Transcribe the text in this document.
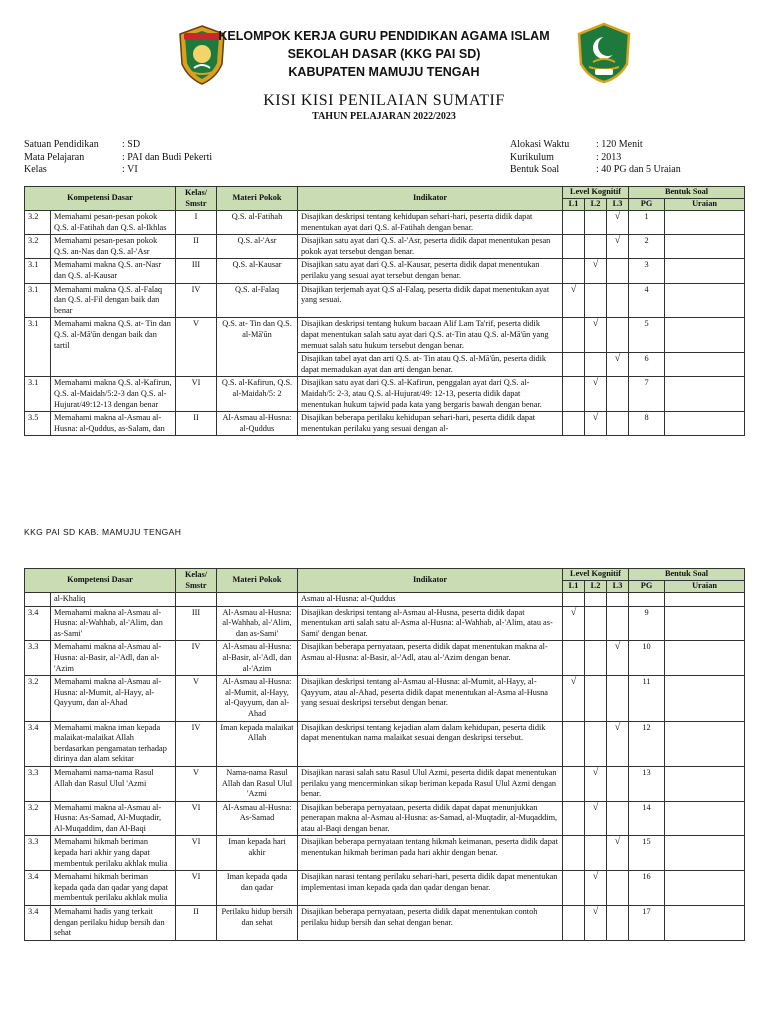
KELOMPOK KERJA GURU PENDIDIKAN AGAMA ISLAM
SEKOLAH DASAR (KKG PAI SD)
KABUPATEN MAMUJU TENGAH
KISI KISI PENILAIAN SUMATIF
TAHUN PELAJARAN 2022/2023
Satuan Pendidikan	: SD
Mata Pelajaran	: PAI dan Budi Pekerti
Kelas	: VI
Alokasi Waktu	: 120 Menit
Kurikulum	: 2013
Bentuk Soal	: 40 PG dan 5 Uraian
Kompetensi Dasar		Kelas/ Smstr	Materi Pokok	Indikator	Level Kognitif			Bentuk Soal	
					L1	L2	L3	PG	Uraian
3.2	Memahami pesan-pesan pokok Q.S. al-Fatihah dan Q.S. al-Ikhlas	I	Q.S. al-Fatihah	Disajikan deskripsi tentang kehidupan sehari-hari, peserta didik dapat menentukan ayat dari Q.S. al-Fatihah dengan benar.			√	1	
3.2	Memahami pesan-pesan pokok Q.S. an-Nas dan Q.S. al-'Asr	II	Q.S. al-'Asr	Disajikan satu ayat dari Q.S. al-'Asr, peserta didik dapat menentukan pesan pokok ayat tersebut dengan benar.			√	2	
3.1	Memahami makna Q.S. an-Nasr dan Q.S. al-Kausar	III	Q.S. al-Kausar	Disajikan satu ayat dari Q.S. al-Kausar, peserta didik dapat menentukan perilaku yang sesuai ayat tersebut dengan benar.		√		3	
3.1	Memahami makna Q.S. al-Falaq dan Q.S. al-Fil dengan baik dan benar	IV	Q.S. al-Falaq	Disajikan terjemah ayat Q.S al-Falaq, peserta didik dapat menentukan ayat yang sesuai.	√			4	
3.1	Memahami makna Q.S. at- Tin dan Q.S. al-Mā'ūn dengan baik dan tartil	V	Q.S. at- Tin dan Q.S. al-Mā'ūn	Disajikan deskripsi tentang hukum bacaan Alif Lam Ta'rif, peserta didik dapat menentukan salah satu ayat dari Q.S. at-Tin atau Q.S. al-Mā'ūn yang memuat salah satu hukum tersebut dengan benar.		√		5	
				Disajikan tabel ayat dan arti Q.S. at- Tin atau Q.S. al-Mā'ūn, peserta didik dapat memadukan ayat dan arti dengan benar.			√	6	
3.1	Memahami makna Q.S. al-Kafirun, Q.S. al-Maidah/5:2-3 dan Q.S. al-Hujurat/49:12-13 dengan benar	VI	Q.S. al-Kafirun, Q.S. al-Maidah/5: 2	Disajikan satu ayat dari Q.S. al-Kafirun, penggalan ayat dari Q.S. al-Maidah/5: 2-3, atau Q.S. al-Hujurat/49: 12-13, peserta didik dapat menentukan hukum tajwid pada kata yang bergaris bawah dengan benar.		√		7	
3.5	Memahami makna al-Asmau al-Husna: al-Quddus, as-Salam, dan	II	Al-Asmau al-Husna: al-Quddus	Disajikan beberapa perilaku kehidupan sehari-hari, peserta didik dapat menentukan perilaku yang sesuai dengan al-		√		8	
KKG PAI SD KAB. MAMUJU TENGAH
Kompetensi Dasar		Kelas/ Smstr	Materi Pokok	Indikator	Level Kognitif			Bentuk Soal	
					L1	L2	L3	PG	Uraian
	al-Khaliq			Asmau al-Husna: al-Quddus					
3.4	Memahami makna al-Asmau al-Husna: al-Wahhab, al-'Alim, dan as-Sami'	III	Al-Asmau al-Husna: al-Wahhab, al-'Alim, dan as-Sami'	Disajikan deskripsi tentang al-Asmau al-Husna, peserta didik dapat menentukan arti salah satu al-Asma al-Husna: al-Wahhab, al-'Alim, atau as-Sami' dengan benar.	√			9	
3.3	Memahami makna al-Asmau al-Husna: al-Basir, al-'Adl, dan al-'Azim	IV	Al-Asmau al-Husna: al-Basir, al-'Adl, dan al-'Azim	Disajikan beberapa pernyataan, peserta didik dapat menentukan makna al-Asmau al-Husna: al-Basir, al-'Adl, atau al-'Azim dengan benar.			√	10	
3.2	Memahami makna al-Asmau al-Husna: al-Mumit, al-Hayy, al-Qayyum, dan al-Ahad	V	Al-Asmau al-Husna: al-Mumit, al-Hayy, al-Qayyum, dan al-Ahad	Disajikan deskripsi tentang al-Asmau al-Husna: al-Mumit, al-Hayy, al-Qayyum, atau al-Ahad, peserta didik dapat menentukan al-Asma al-Husna yang sesuai deskripsi tersebut dengan benar.	√			11	
3.4	Memahami makna iman kepada malaikat-malaikat Allah berdasarkan pengamatan terhadap dirinya dan alam sekitar	IV	Iman kepada malaikat Allah	Disajikan deskripsi tentang kejadian alam dalam kehidupan, peserta didik dapat menentukan nama malaikat sesuai dengan deskripsi tersebut.			√	12	
3.3	Memahami nama-nama Rasul Allah dan Rasul Ulul 'Azmi	V	Nama-nama Rasul Allah dan Rasul Ulul 'Azmi	Disajikan narasi salah satu Rasul Ulul Azmi, peserta didik dapat menentukan perilaku yang mencerminkan sikap beriman kepada Rasul Ulul Azmi dengan benar.		√		13	
3.2	Memahami makna al-Asmau al-Husna: As-Samad, Al-Muqtadir, Al-Muqaddim, dan Al-Baqi	VI	Al-Asmau al-Husna: As-Samad	Disajikan beberapa pernyataan, peserta didik dapat dapat menunjukkan penerapan makna al-Asmau al-Husna: as-Samad, al-Muqtadir, al-Muqaddim, atau al-Baqi dengan benar.		√		14	
3.3	Memahami hikmah beriman kepada hari akhir yang dapat membentuk perilaku akhlak mulia	VI	Iman kepada hari akhir	Disajikan beberapa pernyataan tentang hikmah keimanan, peserta didik dapat menentukan hikmah beriman pada hari akhir dengan benar.			√	15	
3.4	Memahami hikmah beriman kepada qada dan qadar yang dapat membentuk perilaku akhlak mulia	VI	Iman kepada qada dan qadar	Disajikan narasi tentang perilaku sehari-hari, peserta didik dapat menentukan implementasi iman kepada qada dan qadar dengan benar.		√		16	
3.4	Memahami hadis yang terkait dengan perilaku hidup bersih dan sehat	II	Perilaku hidup bersih dan sehat	Disajikan beberapa pernyataan, peserta didik dapat menentukan contoh perilaku hidup bersih dan sehat dengan benar.		√		17	
